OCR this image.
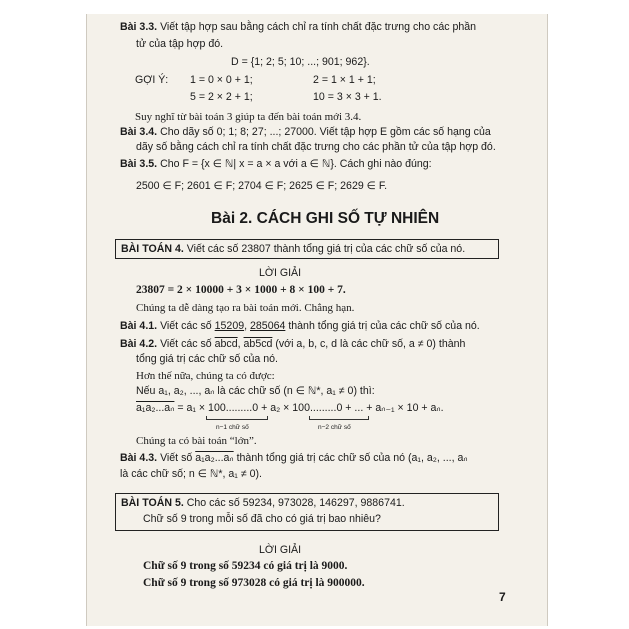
Bài 3.3. Viết tập hợp sau bằng cách chỉ ra tính chất đặc trưng cho các phần
tử của tập hợp đó.
D = {1; 2; 5; 10; ...; 901; 962}.
GỢI Ý: 1 = 0 × 0 + 1;	2 = 1 × 1 + 1;
5 = 2 × 2 + 1;	10 = 3 × 3 + 1.
Suy nghĩ từ bài toán 3 giúp ta đến bài toán mới 3.4.
Bài 3.4. Cho dãy số 0; 1; 8; 27; ...; 27000. Viết tập hợp E gồm các số hạng của
dãy số bằng cách chỉ ra tính chất đặc trưng cho các phần tử của tập hợp đó.
Bài 3.5. Cho F = {x ∈ ℕ| x = a × a với a ∈ ℕ}. Cách ghi nào đúng:
2500 ∈ F; 2601 ∈ F; 2704 ∈ F; 2625 ∈ F; 2629 ∈ F.
Bài 2. CÁCH GHI SỐ TỰ NHIÊN
BÀI TOÁN 4. Viết các số 23807 thành tổng giá trị của các chữ số của nó.
LỜI GIẢI
23807 = 2 × 10000 + 3 × 1000 + 8 × 100 + 7.
Chúng ta dễ dàng tạo ra bài toán mới. Chẳng hạn.
Bài 4.1. Viết các số 15209, 285064 thành tổng giá trị của các chữ số của nó.
Bài 4.2. Viết các số abcd, ab5cd (với a, b, c, d là các chữ số, a ≠ 0) thành
tổng giá trị các chữ số của nó.
Hơn thế nữa, chúng ta có được:
Nếu a₁, a₂, ..., aₙ là các chữ số (n ∈ ℕ*, a₁ ≠ 0) thì:
a₁a₂...aₙ = a₁ × 100.........0 + a₂ × 100.........0 + ... + aₙ₋₁ × 10 + aₙ.
n−1 chữ số	n−2 chữ số
Chúng ta có bài toán “lớn”.
Bài 4.3. Viết số a₁a₂...aₙ thành tổng giá trị các chữ số của nó (a₁, a₂, ..., aₙ
là các chữ số; n ∈ ℕ*, a₁ ≠ 0).
BÀI TOÁN 5. Cho các số 59234, 973028, 146297, 9886741.
Chữ số 9 trong mỗi số đã cho có giá trị bao nhiêu?
LỜI GIẢI
Chữ số 9 trong số 59234 có giá trị là 9000.
Chữ số 9 trong số 973028 có giá trị là 900000.
7
